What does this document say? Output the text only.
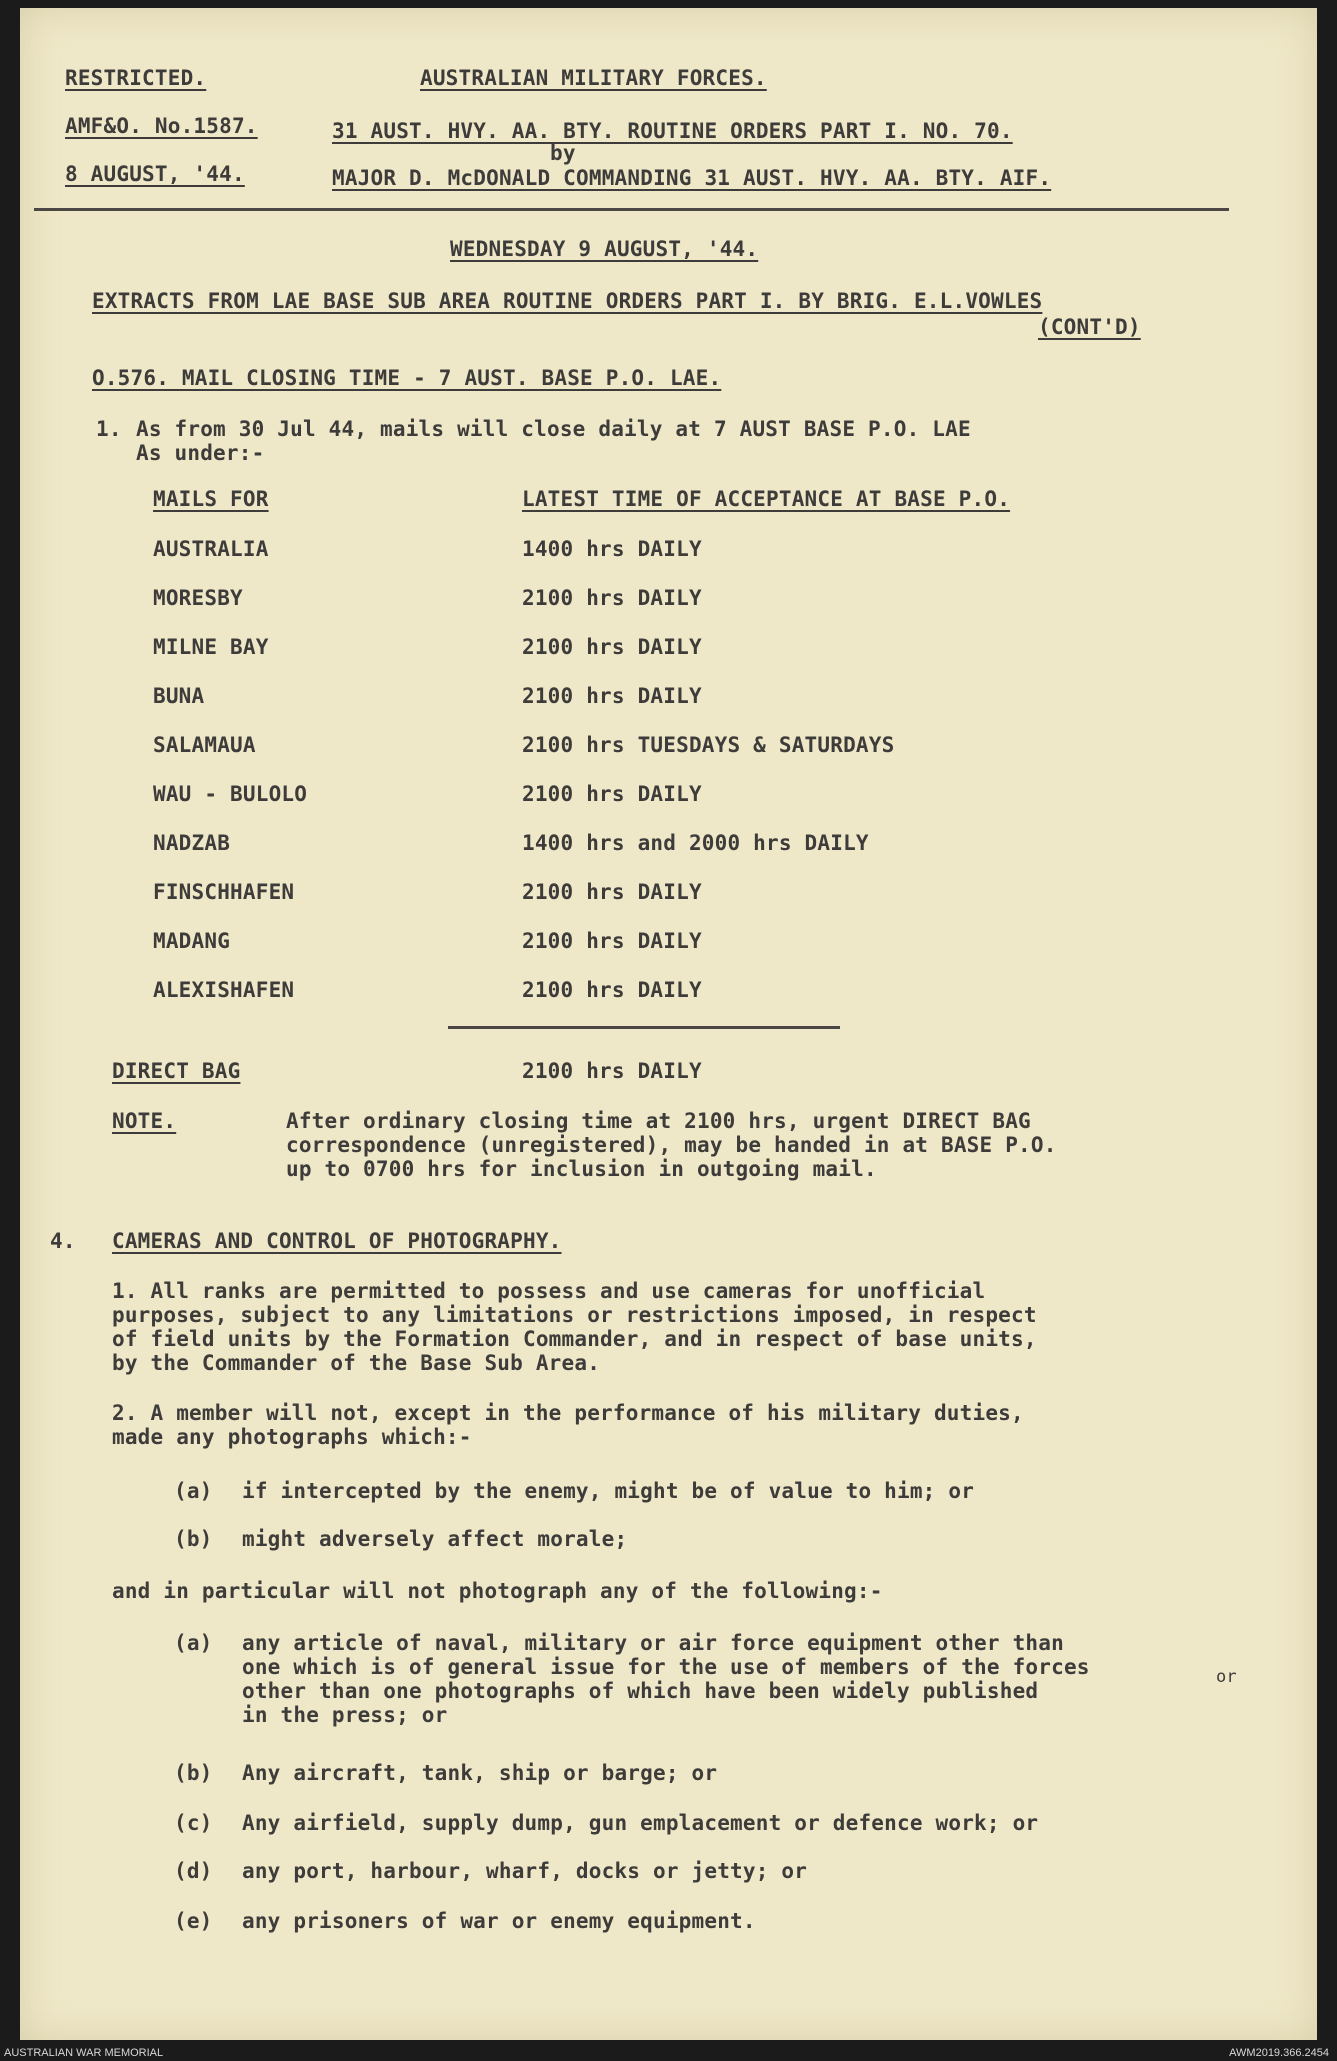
RESTRICTED.	AUSTRALIAN MILITARY FORCES.
AMF&O. No.1587.	31 AUST. HVY. AA. BTY. ROUTINE ORDERS PART I. NO. 70.
by
8 AUGUST, '44.	MAJOR D. McDONALD COMMANDING 31 AUST. HVY. AA. BTY. AIF.
WEDNESDAY 9 AUGUST, '44.
EXTRACTS FROM LAE BASE SUB AREA ROUTINE ORDERS PART I. BY BRIG. E.L.VOWLES
(CONT'D)
O.576. MAIL CLOSING TIME - 7 AUST. BASE P.O. LAE.
1. As from 30 Jul 44, mails will close daily at 7 AUST BASE P.O. LAE
As under:-
MAILS FOR	LATEST TIME OF ACCEPTANCE AT BASE P.O.
AUSTRALIA	1400 hrs DAILY
MORESBY	2100 hrs DAILY
MILNE BAY	2100 hrs DAILY
BUNA	2100 hrs DAILY
SALAMAUA	2100 hrs TUESDAYS & SATURDAYS
WAU - BULOLO	2100 hrs DAILY
NADZAB	1400 hrs and 2000 hrs DAILY
FINSCHHAFEN	2100 hrs DAILY
MADANG	2100 hrs DAILY
ALEXISHAFEN	2100 hrs DAILY
DIRECT BAG	2100 hrs DAILY
NOTE.	After ordinary closing time at 2100 hrs, urgent DIRECT BAG
correspondence (unregistered), may be handed in at BASE P.O.
up to 0700 hrs for inclusion in outgoing mail.
4. CAMERAS AND CONTROL OF PHOTOGRAPHY.
1. All ranks are permitted to possess and use cameras for unofficial
purposes, subject to any limitations or restrictions imposed, in respect
of field units by the Formation Commander, and in respect of base units,
by the Commander of the Base Sub Area.
2. A member will not, except in the performance of his military duties,
made any photographs which:-
(a) if intercepted by the enemy, might be of value to him; or
(b) might adversely affect morale;
and in particular will not photograph any of the following:-
(a) any article of naval, military or air force equipment other than
one which is of general issue for the use of members of the forces	or
other than one photographs of which have been widely published
in the press; or
(b) Any aircraft, tank, ship or barge; or
(c) Any airfield, supply dump, gun emplacement or defence work; or
(d) any port, harbour, wharf, docks or jetty; or
(e) any prisoners of war or enemy equipment.
AUSTRALIAN WAR MEMORIAL	AWM2019.366.2454
